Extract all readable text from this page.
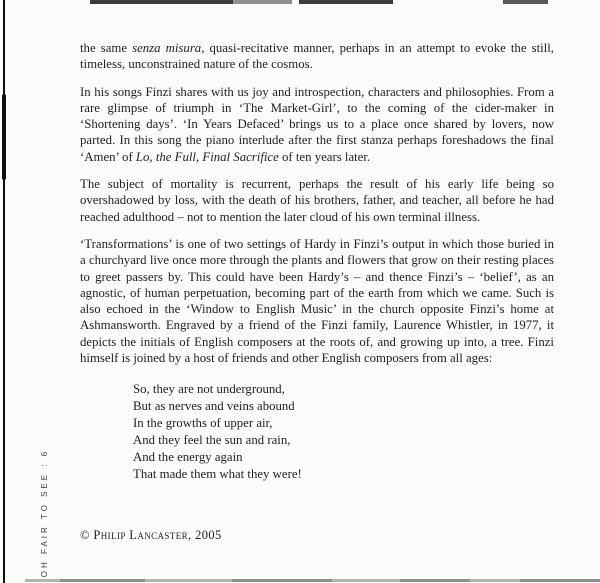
OH FAIR TO SEE : 6

the same senza misura, quasi-recitative manner, perhaps in an attempt to evoke the still, timeless, unconstrained nature of the cosmos.

In his songs Finzi shares with us joy and introspection, characters and philosophies. From a rare glimpse of triumph in ‘The Market-Girl’, to the coming of the cider-maker in ‘Shortening days’. ‘In Years Defaced’ brings us to a place once shared by lovers, now parted. In this song the piano interlude after the first stanza perhaps foreshadows the final ‘Amen’ of Lo, the Full, Final Sacrifice of ten years later.

The subject of mortality is recurrent, perhaps the result of his early life being so overshadowed by loss, with the death of his brothers, father, and teacher, all before he had reached adulthood – not to mention the later cloud of his own terminal illness.

‘Transformations’ is one of two settings of Hardy in Finzi’s output in which those buried in a churchyard live once more through the plants and flowers that grow on their resting places to greet passers by. This could have been Hardy’s – and thence Finzi’s – ‘belief’, as an agnostic, of human perpetuation, becoming part of the earth from which we came. Such is also echoed in the ‘Window to English Music’ in the church opposite Finzi’s home at Ashmansworth. Engraved by a friend of the Finzi family, Laurence Whistler, in 1977, it depicts the initials of English composers at the roots of, and growing up into, a tree. Finzi himself is joined by a host of friends and other English composers from all ages:

So, they are not underground,
But as nerves and veins abound
In the growths of upper air,
And they feel the sun and rain,
And the energy again
That made them what they were!
© Philip Lancaster, 2005
